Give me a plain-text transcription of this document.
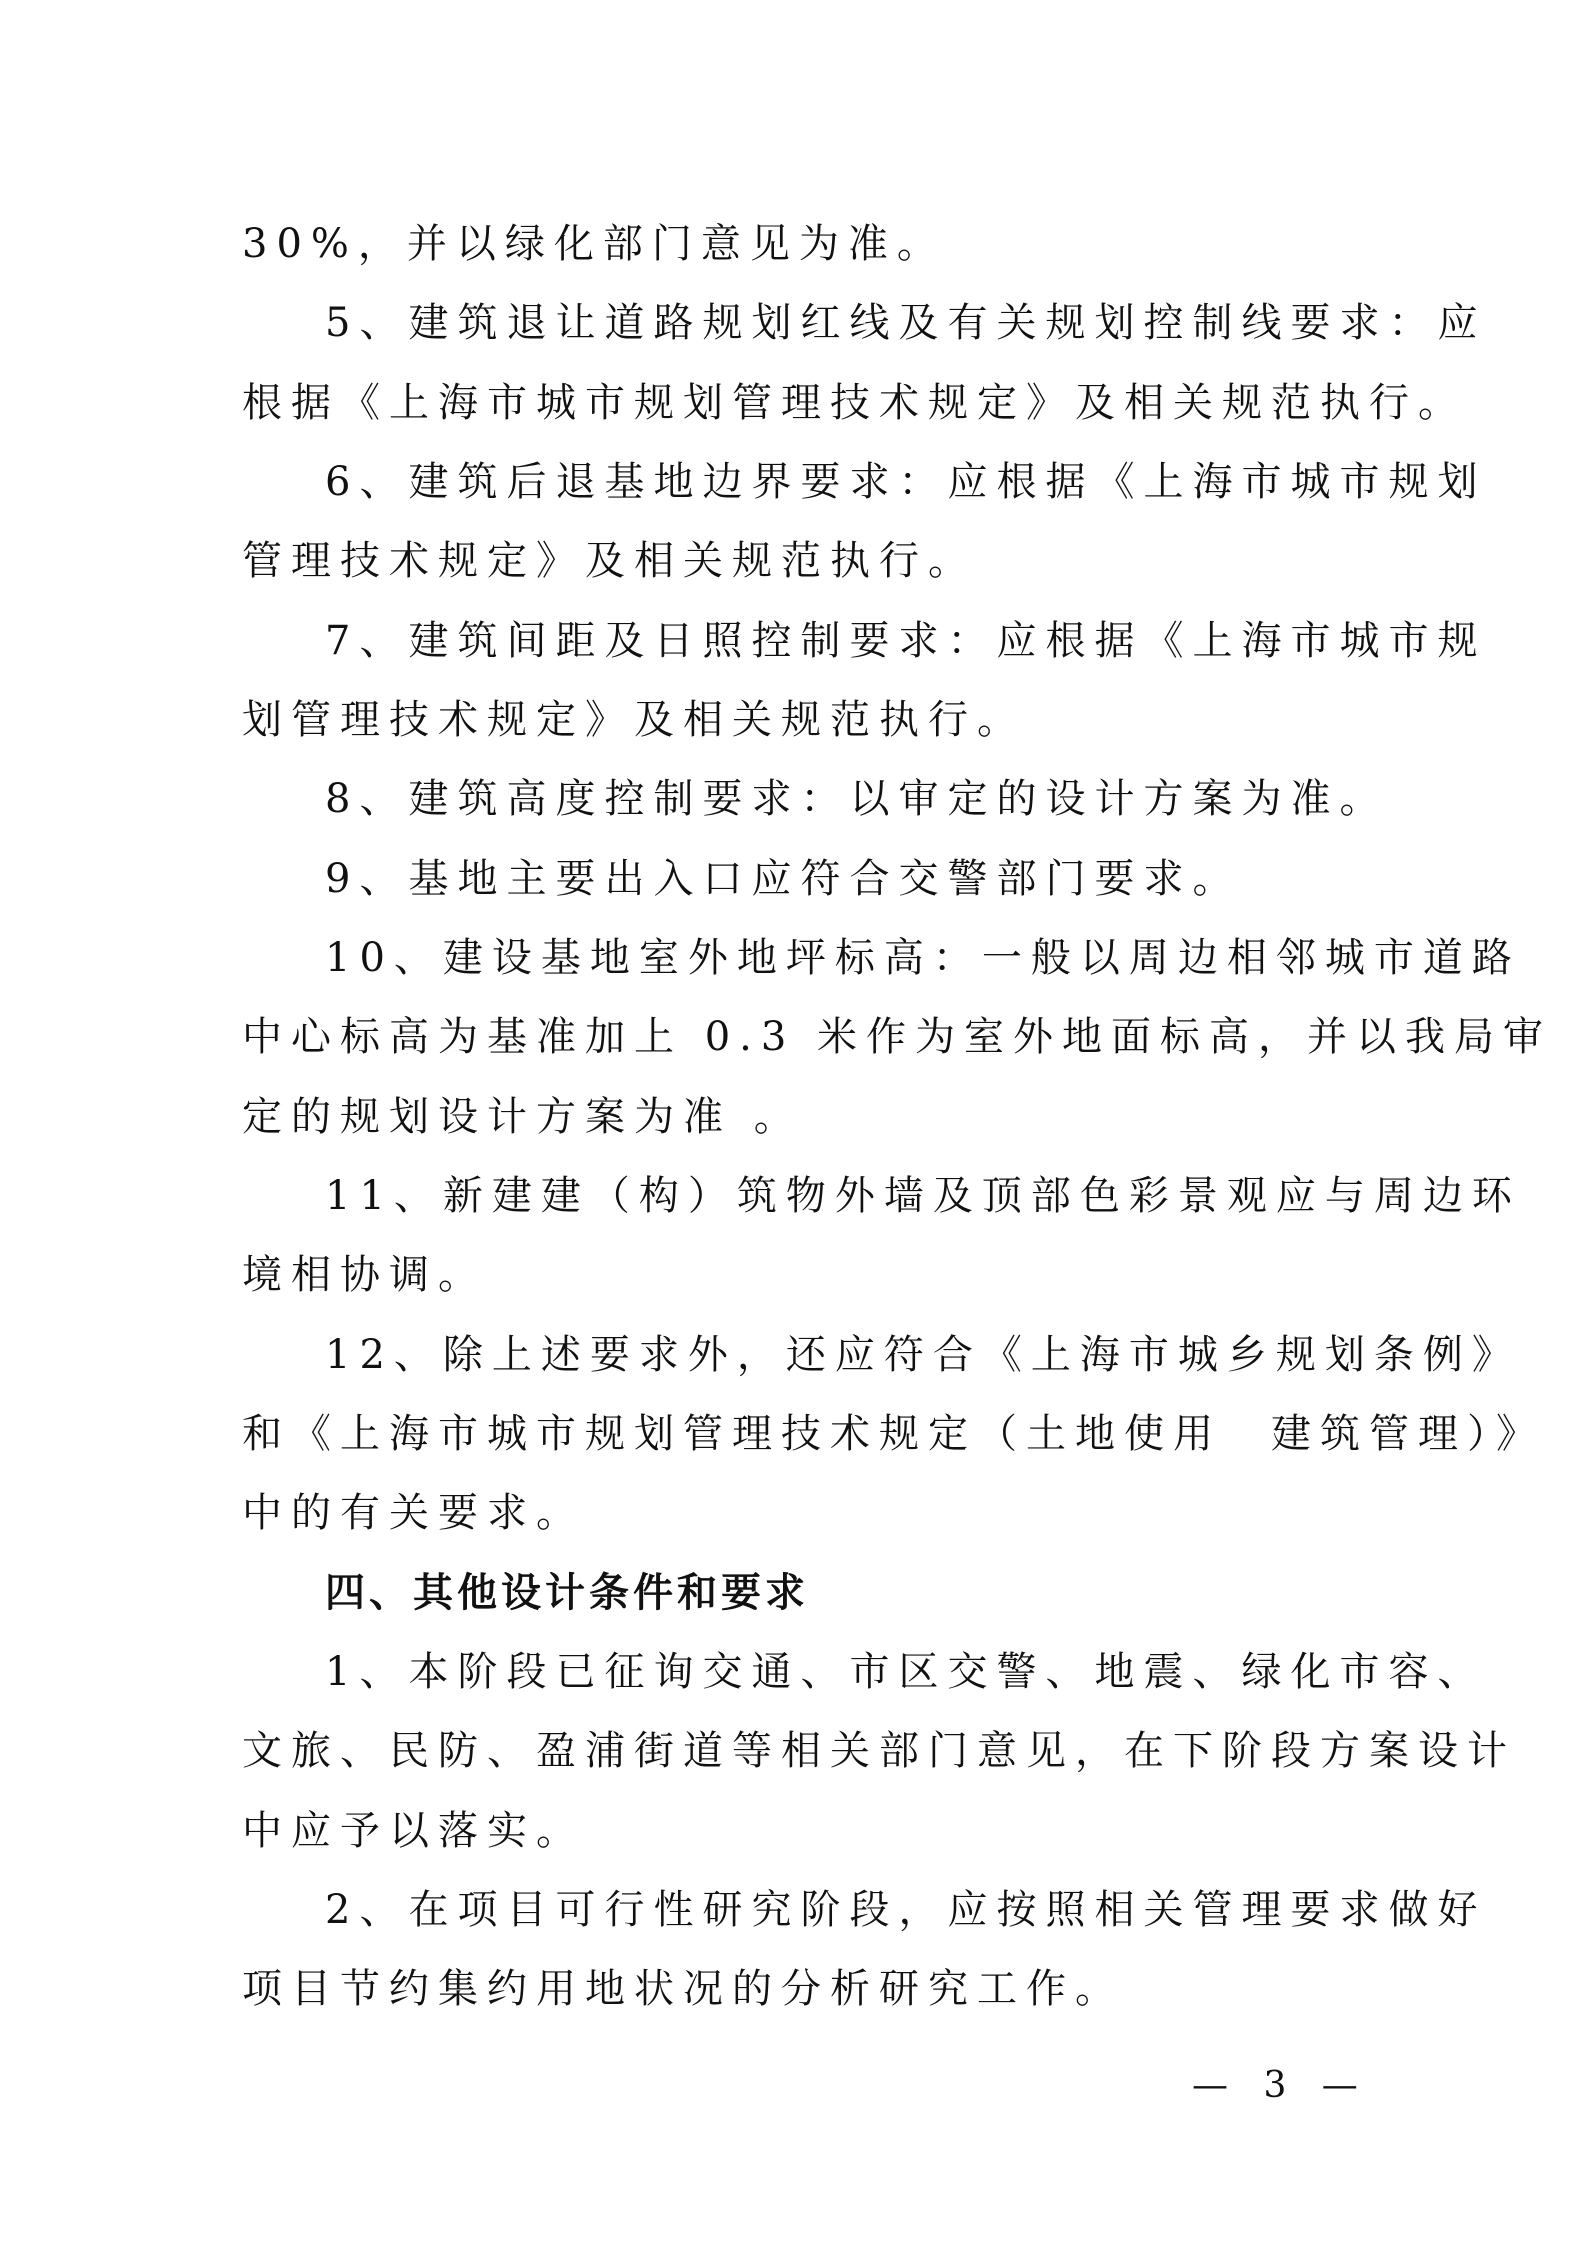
30%，并以绿化部门意见为准。
5、建筑退让道路规划红线及有关规划控制线要求：应
根据《上海市城市规划管理技术规定》及相关规范执行。
6、建筑后退基地边界要求：应根据《上海市城市规划
管理技术规定》及相关规范执行。
7、建筑间距及日照控制要求：应根据《上海市城市规
划管理技术规定》及相关规范执行。
8、建筑高度控制要求：以审定的设计方案为准。
9、基地主要出入口应符合交警部门要求。
10、建设基地室外地坪标高：一般以周边相邻城市道路
中心标高为基准加上 0.3 米作为室外地面标高，并以我局审
定的规划设计方案为准 。
11、新建建（构）筑物外墙及顶部色彩景观应与周边环
境相协调。
12、除上述要求外，还应符合《上海市城乡规划条例》
和《上海市城市规划管理技术规定（土地使用　建筑管理）》
中的有关要求。
四、其他设计条件和要求
1、本阶段已征询交通、市区交警、地震、绿化市容、
文旅、民防、盈浦街道等相关部门意见，在下阶段方案设计
中应予以落实。
2、在项目可行性研究阶段，应按照相关管理要求做好
项目节约集约用地状况的分析研究工作。
— 3 —
